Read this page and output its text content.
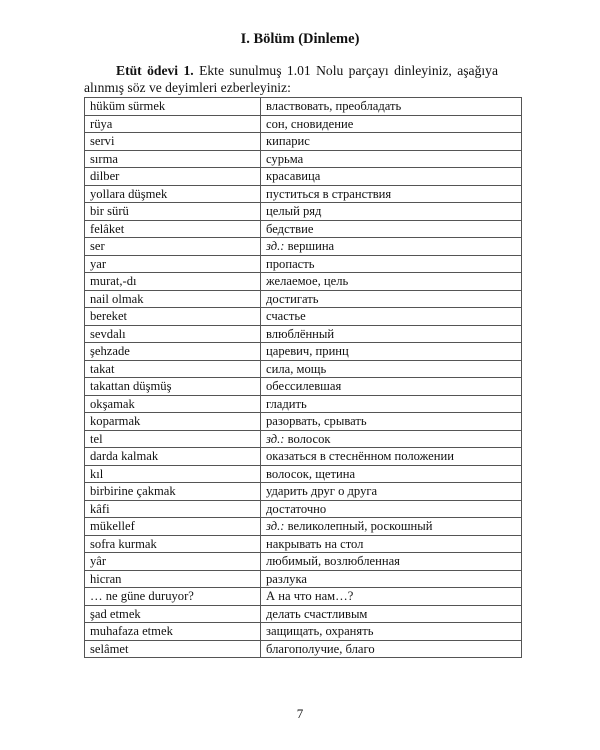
I. Bölüm (Dinleme)
Etüt ödevi 1. Ekte sunulmuş 1.01 Nolu parçayı dinleyiniz, aşağıya
alınmış söz ve deyimleri ezberleyiniz:
hüküm sürmek	властвовать, преобладать
rüya	сон, сновидение
servi	кипарис
sırma	сурьма
dilber	красавица
yollara düşmek	пуститься в странствия
bir sürü	целый ряд
felâket	бедствие
ser	зд.: вершина
yar	пропасть
murat,-dı	желаемое, цель
nail olmak	достигать
bereket	счастье
sevdalı	влюблённый
şehzade	царевич, принц
takat	сила, мощь
takattan düşmüş	обессилевшая
okşamak	гладить
koparmak	разорвать, срывать
tel	зд.: волосок
darda kalmak	оказаться в стеснённом положении
kıl	волосок, щетина
birbirine çakmak	ударить друг о друга
kâfi	достаточно
mükellef	зд.: великолепный, роскошный
sofra kurmak	накрывать на стол
yâr	любимый, возлюбленная
hicran	разлука
… ne güne duruyor?	А на что нам…?
şad etmek	делать счастливым
muhafaza etmek	защищать, охранять
selâmet	благополучие, благо
7
